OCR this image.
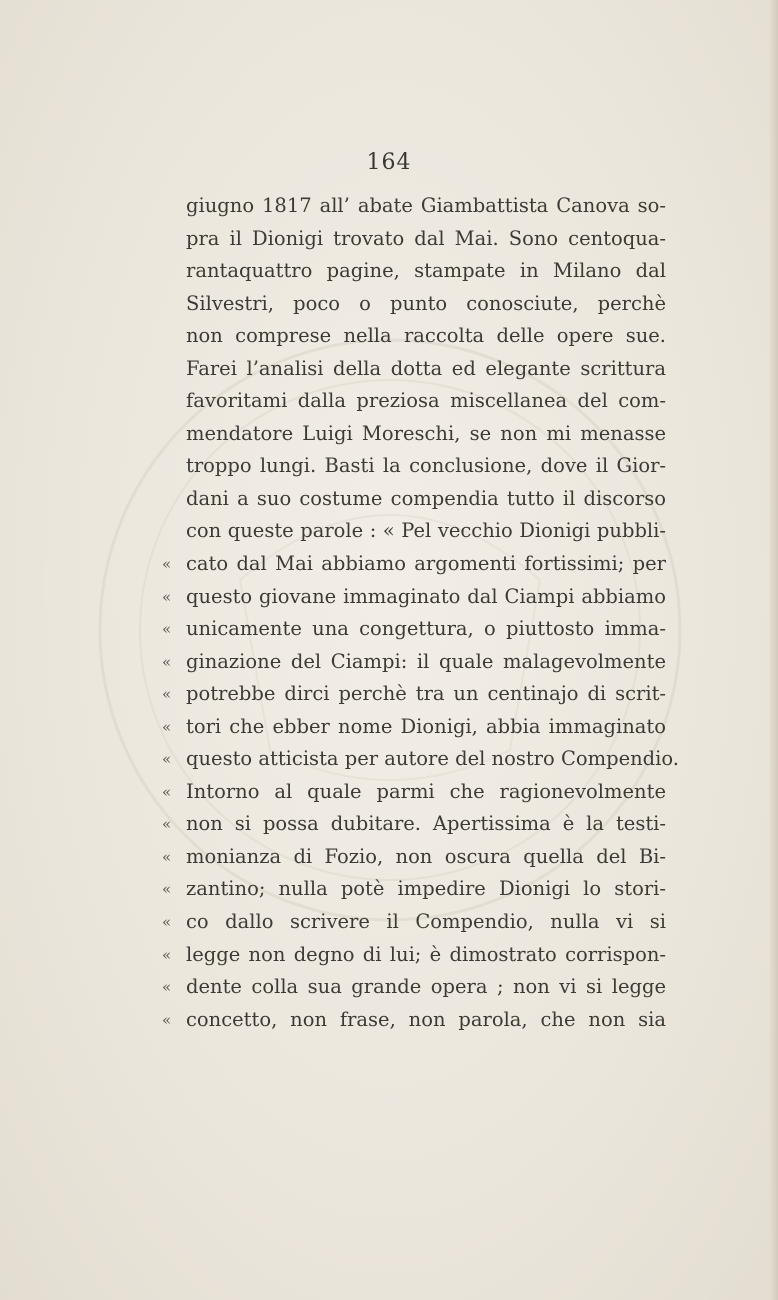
164
giugno 1817 all’ abate Giambattista Canova so-
pra il Dionigi trovato dal Mai. Sono centoqua-
rantaquattro pagine, stampate in Milano dal
Silvestri, poco o punto conosciute, perchè
non comprese nella raccolta delle opere sue.
Farei l’analisi della dotta ed elegante scrittura
favoritami dalla preziosa miscellanea del com-
mendatore Luigi Moreschi, se non mi menasse
troppo lungi. Basti la conclusione, dove il Gior-
dani a suo costume compendia tutto il discorso
con queste parole : « Pel vecchio Dionigi pubbli-
« cato dal Mai abbiamo argomenti fortissimi; per
« questo giovane immaginato dal Ciampi abbiamo
« unicamente una congettura, o piuttosto imma-
« ginazione del Ciampi: il quale malagevolmente
« potrebbe dirci perchè tra un centinajo di scrit-
« tori che ebber nome Dionigi, abbia immaginato
« questo atticista per autore del nostro Compendio.
« Intorno al quale parmi che ragionevolmente
« non si possa dubitare. Apertissima è la testi-
« monianza di Fozio, non oscura quella del Bi-
« zantino; nulla potè impedire Dionigi lo stori-
« co dallo scrivere il Compendio, nulla vi si
« legge non degno di lui; è dimostrato corrispon-
« dente colla sua grande opera ; non vi si legge
« concetto, non frase, non parola, che non sia
